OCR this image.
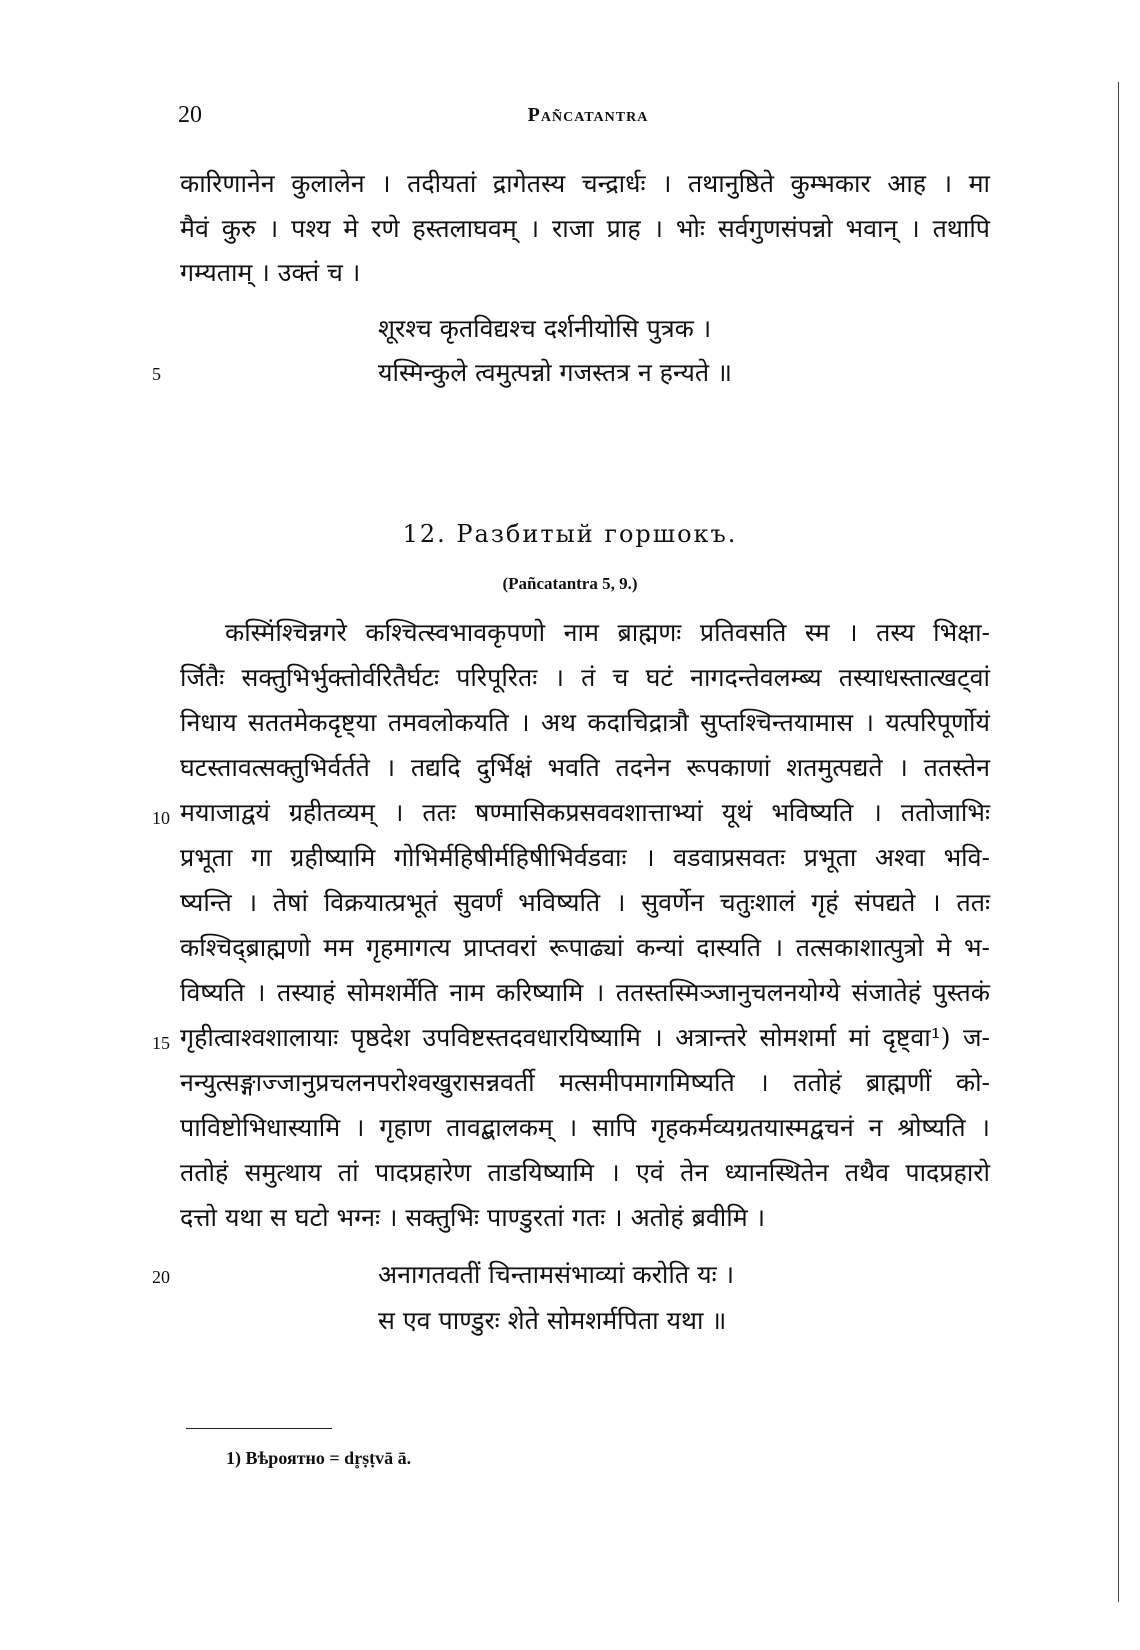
20	Pañcatantra
कारिणानेन कुलालेन । तदीयतां द्रागेतस्य चन्द्रार्धः । तथानुष्ठिते कुम्भकार आह । मा
मैवं कुरु । पश्य मे रणे हस्तलाघवम् । राजा प्राह । भोः सर्वगुणसंपन्नो भवान् । तथापि
गम्यताम् । उक्तं च ।
शूरश्च कृतविद्यश्च दर्शनीयोसि पुत्रक ।
यस्मिन्कुले त्वमुत्पन्नो गजस्तत्र न हन्यते ॥
5
12. Разбитый горшокъ.
(Pañcatantra 5, 9.)
कस्मिंश्चिन्नगरे कश्चित्स्वभावकृपणो नाम ब्राह्मणः प्रतिवसति स्म । तस्य भिक्षा-
र्जितैः सक्तुभिर्भुक्तोर्वरितैर्घटः परिपूरितः । तं च घटं नागदन्तेवलम्ब्य तस्याधस्तात्खट्वां
निधाय सततमेकदृष्ट्या तमवलोकयति । अथ कदाचिद्रात्रौ सुप्तश्चिन्तयामास । यत्परिपूर्णोयं
घटस्तावत्सक्तुभिर्वर्तते । तद्यदि दुर्भिक्षं भवति तदनेन रूपकाणां शतमुत्पद्यते । ततस्तेन
मयाजाद्वयं ग्रहीतव्यम् । ततः षण्मासिकप्रसववशात्ताभ्यां यूथं भविष्यति । ततोजाभिः
10
प्रभूता गा ग्रहीष्यामि गोभिर्महिषीर्महिषीभिर्वडवाः । वडवाप्रसवतः प्रभूता अश्वा भवि-
ष्यन्ति । तेषां विक्रयात्प्रभूतं सुवर्णं भविष्यति । सुवर्णेन चतुःशालं गृहं संपद्यते । ततः
कश्चिद्ब्राह्मणो मम गृहमागत्य प्राप्तवरां रूपाढ्यां कन्यां दास्यति । तत्सकाशात्पुत्रो मे भ-
विष्यति । तस्याहं सोमशर्मेति नाम करिष्यामि । ततस्तस्मिञ्जानुचलनयोग्ये संजातेहं पुस्तकं
गृहीत्वाश्वशालायाः पृष्ठदेश उपविष्टस्तदवधारयिष्यामि । अत्रान्तरे सोमशर्मा मां दृष्ट्वा¹) ज-
15
नन्युत्सङ्गाज्जानुप्रचलनपरोश्वखुरासन्नवर्ती मत्समीपमागमिष्यति । ततोहं ब्राह्मणीं को-
पाविष्टोभिधास्यामि । गृहाण तावद्बालकम् । सापि गृहकर्मव्यग्रतयास्मद्वचनं न श्रोष्यति ।
ततोहं समुत्थाय तां पादप्रहारेण ताडयिष्यामि । एवं तेन ध्यानस्थितेन तथैव पादप्रहारो
दत्तो यथा स घटो भग्नः । सक्तुभिः पाण्डुरतां गतः । अतोहं ब्रवीमि ।
20	अनागतवतीं चिन्तामसंभाव्यां करोति यः ।
स एव पाण्डुरः शेते सोमशर्मपिता यथा ॥
1) Вѣроятно = dr̥ṣṭvā ā.
